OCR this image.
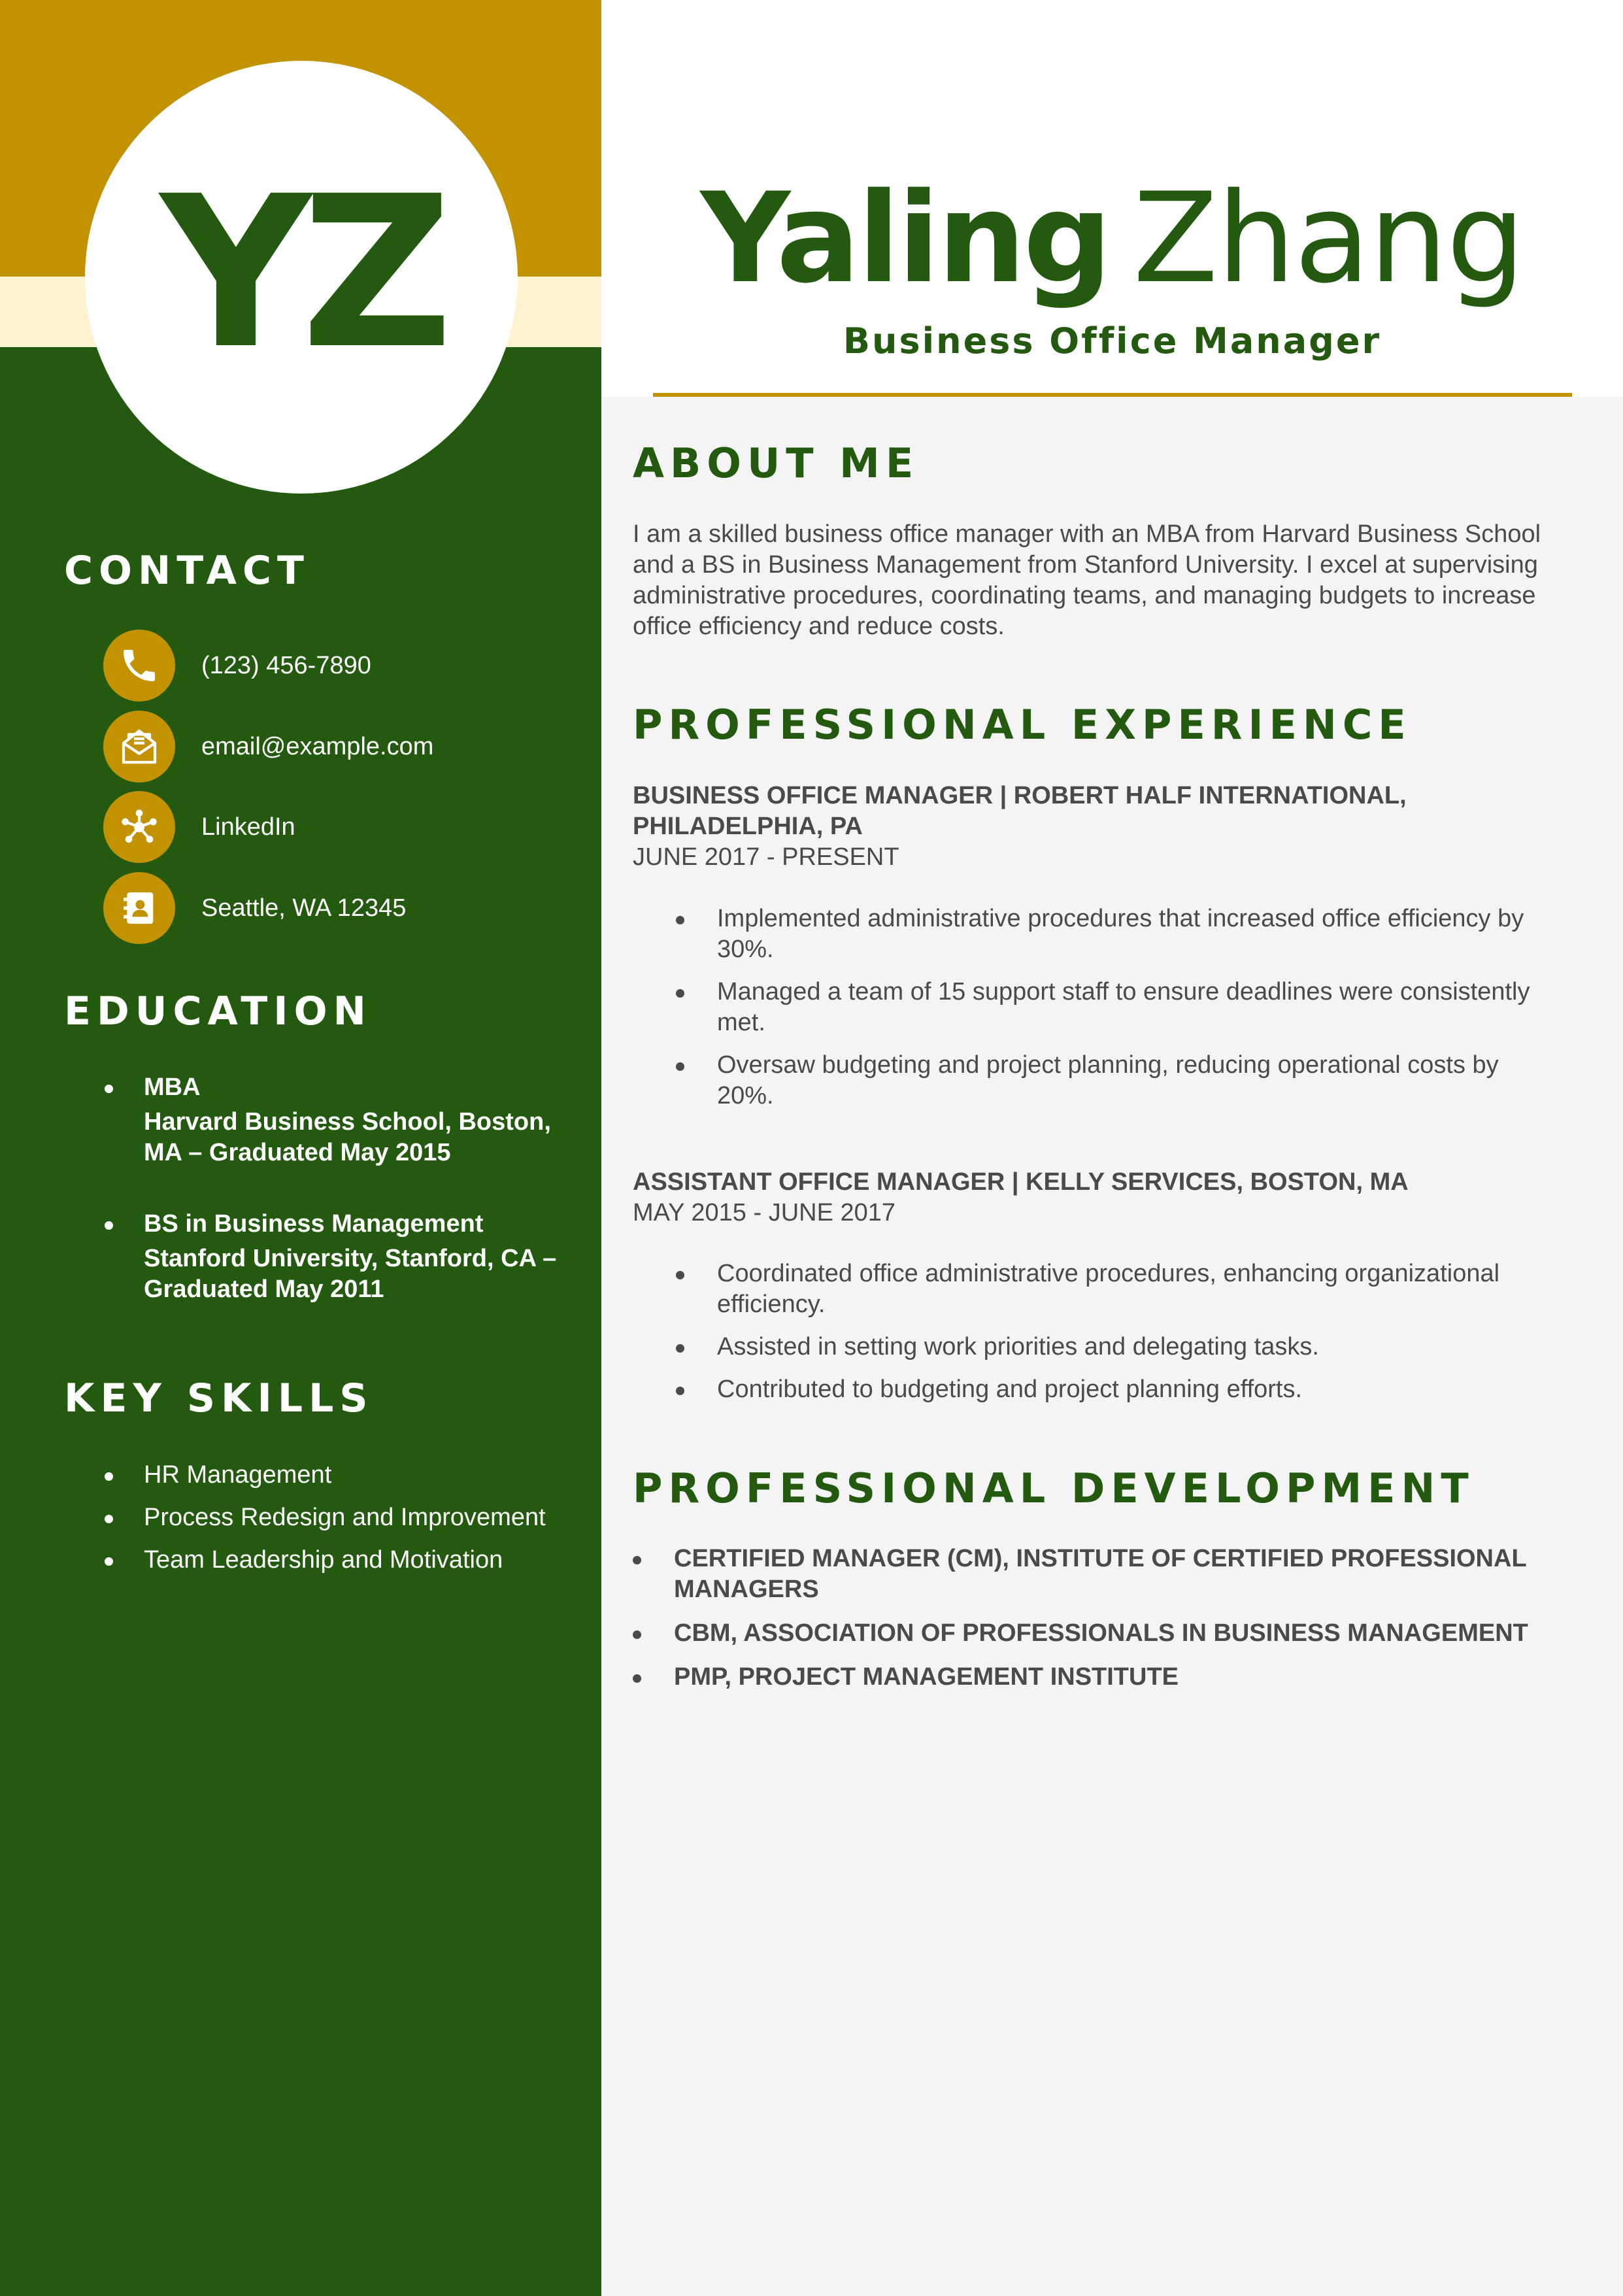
YZ
CONTACT
(123) 456-7890
email@example.com
LinkedIn
Seattle, WA 12345
EDUCATION
MBA
Harvard Business School, Boston, MA – Graduated May 2015
BS in Business Management
Stanford University, Stanford, CA – Graduated May 2011
KEY SKILLS
HR Management
Process Redesign and Improvement
Team Leadership and Motivation
Yaling Zhang

Business Office Manager

ABOUT ME

I am a skilled business office manager with an MBA from Harvard Business School and a BS in Business Management from Stanford University. I excel at supervising administrative procedures, coordinating teams, and managing budgets to increase office efficiency and reduce costs.

PROFESSIONAL EXPERIENCE
BUSINESS OFFICE MANAGER | ROBERT HALF INTERNATIONAL, PHILADELPHIA, PA
JUNE 2017 - PRESENT
Implemented administrative procedures that increased office efficiency by 30%.
Managed a team of 15 support staff to ensure deadlines were consistently met.
Oversaw budgeting and project planning, reducing operational costs by 20%.
ASSISTANT OFFICE MANAGER | KELLY SERVICES, BOSTON, MA
MAY 2015 - JUNE 2017
Coordinated office administrative procedures, enhancing organizational efficiency.
Assisted in setting work priorities and delegating tasks.
Contributed to budgeting and project planning efforts.
PROFESSIONAL DEVELOPMENT
CERTIFIED MANAGER (CM), INSTITUTE OF CERTIFIED PROFESSIONAL MANAGERS
CBM, ASSOCIATION OF PROFESSIONALS IN BUSINESS MANAGEMENT
PMP, PROJECT MANAGEMENT INSTITUTE
